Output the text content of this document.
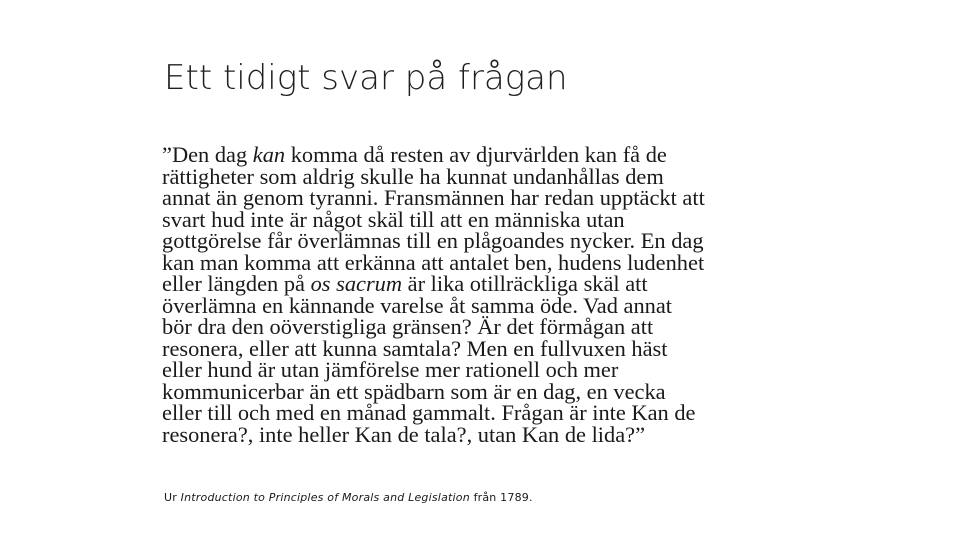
Ett tidigt svar på frågan
”Den dag kan komma då resten av djurvärlden kan få de
rättigheter som aldrig skulle ha kunnat undanhållas dem
annat än genom tyranni. Fransmännen har redan upptäckt att
svart hud inte är något skäl till att en människa utan
gottgörelse får överlämnas till en plågoandes nycker. En dag
kan man komma att erkänna att antalet ben, hudens ludenhet
eller längden på os sacrum är lika otillräckliga skäl att
överlämna en kännande varelse åt samma öde. Vad annat
bör dra den oöverstigliga gränsen? Är det förmågan att
resonera, eller att kunna samtala? Men en fullvuxen häst
eller hund är utan jämförelse mer rationell och mer
kommunicerbar än ett spädbarn som är en dag, en vecka
eller till och med en månad gammalt. Frågan är inte Kan de
resonera?, inte heller Kan de tala?, utan Kan de lida?”
Ur Introduction to Principles of Morals and Legislation från 1789.
